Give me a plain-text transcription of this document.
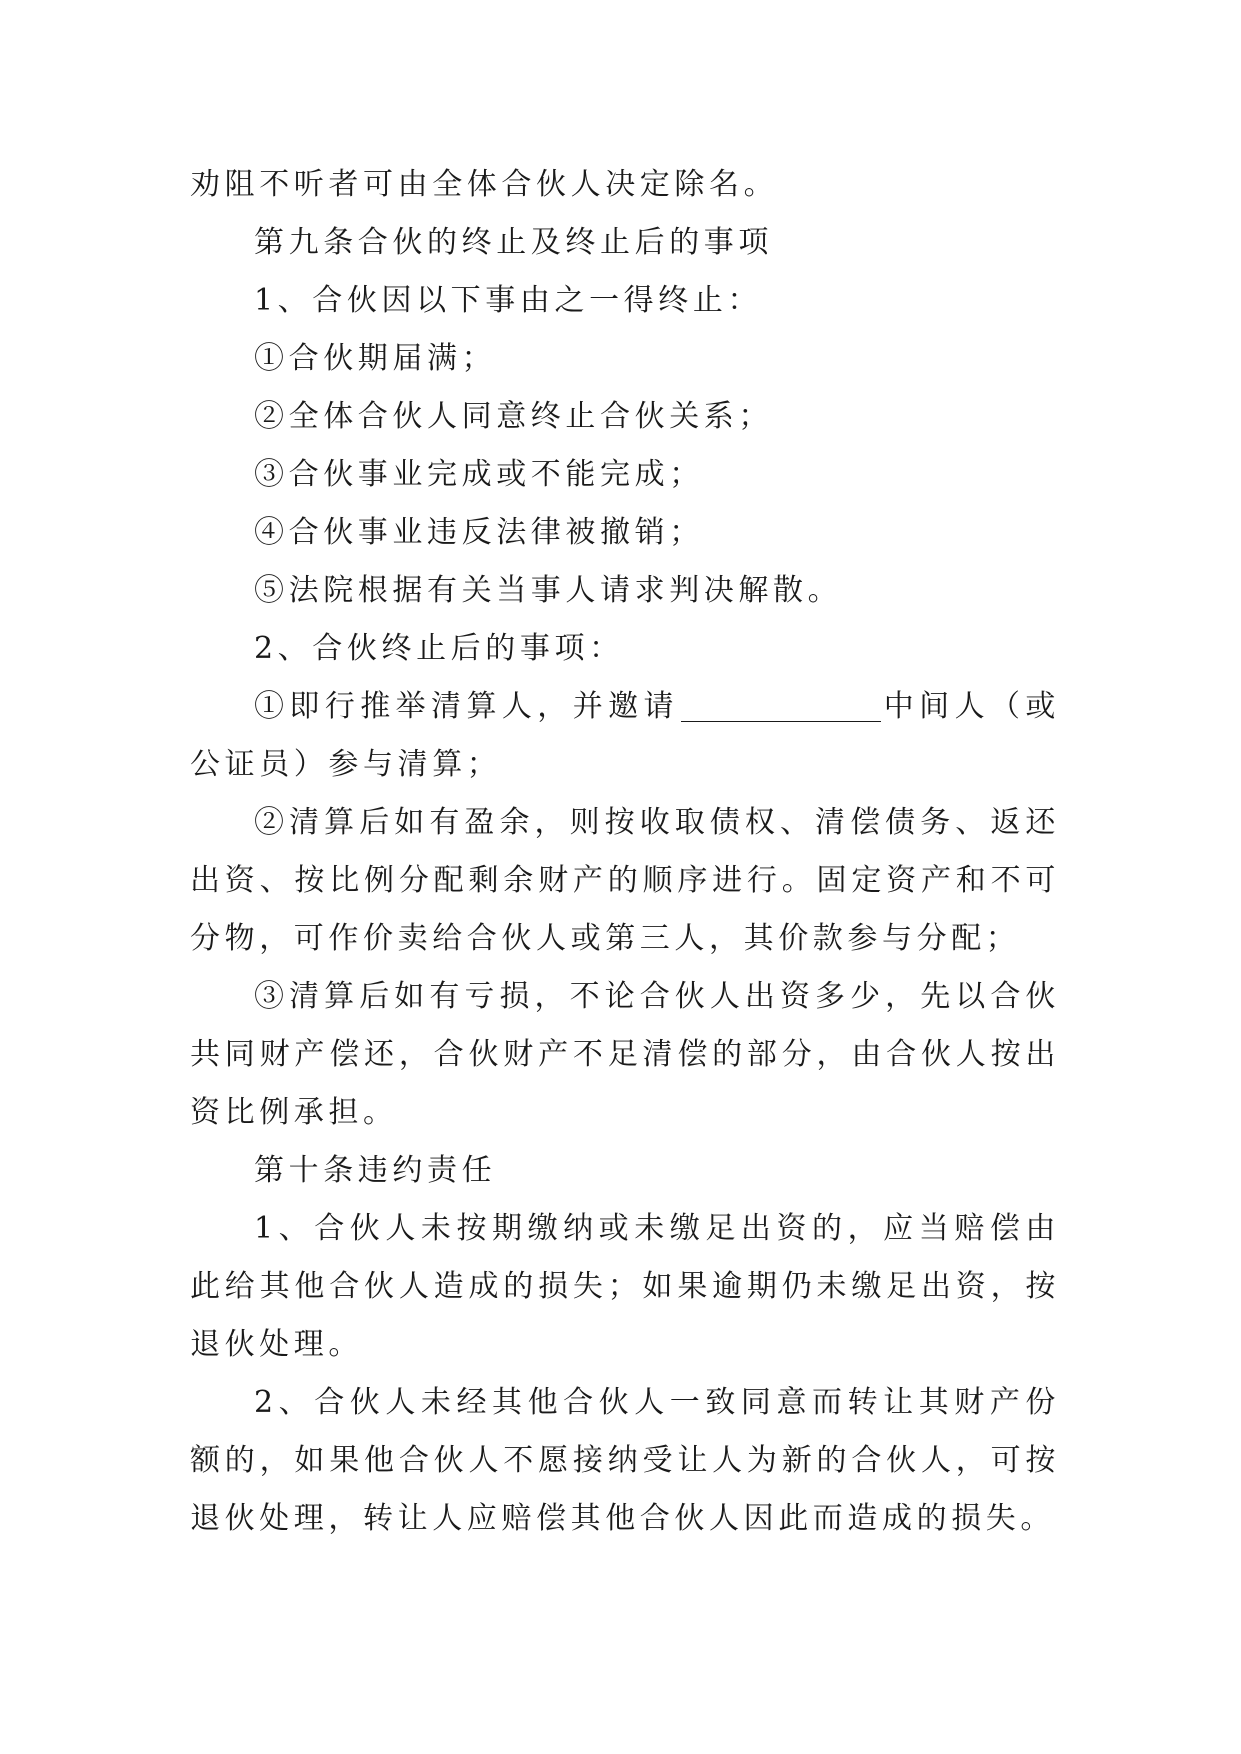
劝阻不听者可由全体合伙人决定除名。

第九条合伙的终止及终止后的事项

1、合伙因以下事由之一得终止：

①合伙期届满；

②全体合伙人同意终止合伙关系；

③合伙事业完成或不能完成；

④合伙事业违反法律被撤销；

⑤法院根据有关当事人请求判决解散。

2、合伙终止后的事项：

①即行推举清算人，并邀请	中间人（或公证员）参与清算；

②清算后如有盈余，则按收取债权、清偿债务、返还出资、按比例分配剩余财产的顺序进行。固定资产和不可分物，可作价卖给合伙人或第三人，其价款参与分配；

③清算后如有亏损，不论合伙人出资多少，先以合伙共同财产偿还，合伙财产不足清偿的部分，由合伙人按出资比例承担。

第十条违约责任

1、合伙人未按期缴纳或未缴足出资的，应当赔偿由此给其他合伙人造成的损失；如果逾期仍未缴足出资，按退伙处理。

2、合伙人未经其他合伙人一致同意而转让其财产份额的，如果他合伙人不愿接纳受让人为新的合伙人，可按退伙处理，转让人应赔偿其他合伙人因此而造成的损失。
